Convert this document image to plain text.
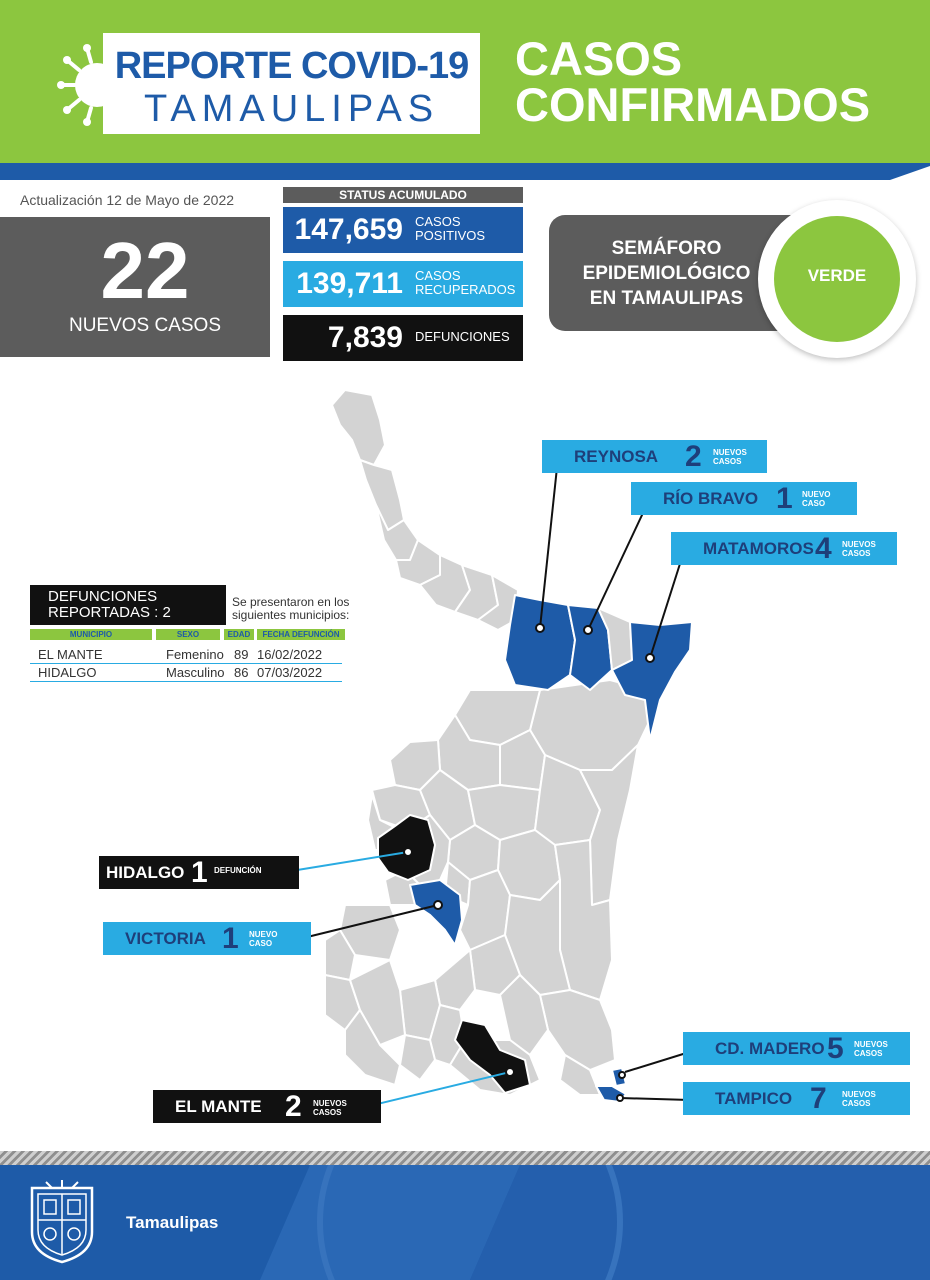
REPORTE COVID-19
TAMAULIPAS
CASOS
CONFIRMADOS
Actualización 12 de Mayo de 2022
22
NUEVOS CASOS
STATUS ACUMULADO
147,659 CASOS
POSITIVOS
139,711 CASOS
RECUPERADOS
7,839 DEFUNCIONES
SEMÁFORO
EPIDEMIOLÓGICO
EN TAMAULIPAS
VERDE
DEFUNCIONES
REPORTADAS : 2
Se presentaron en los
siguientes municipios:
MUNICIPIO	SEXO	EDAD	FECHA DEFUNCIÓN
EL MANTE	Femenino 89 16/02/2022
HIDALGO	Masculino 86 07/03/2022
REYNOSA 2 NUEVOS
CASOS
RÍO BRAVO 1 NUEVO
CASO
MATAMOROS 4 NUEVOS
CASOS
HIDALGO 1 DEFUNCIÓN
VICTORIA 1 NUEVO
CASO
CD. MADERO 5 NUEVOS
CASOS
TAMPICO 7 NUEVOS
CASOS
EL MANTE 2 NUEVOS
CASOS
Tamaulipas
